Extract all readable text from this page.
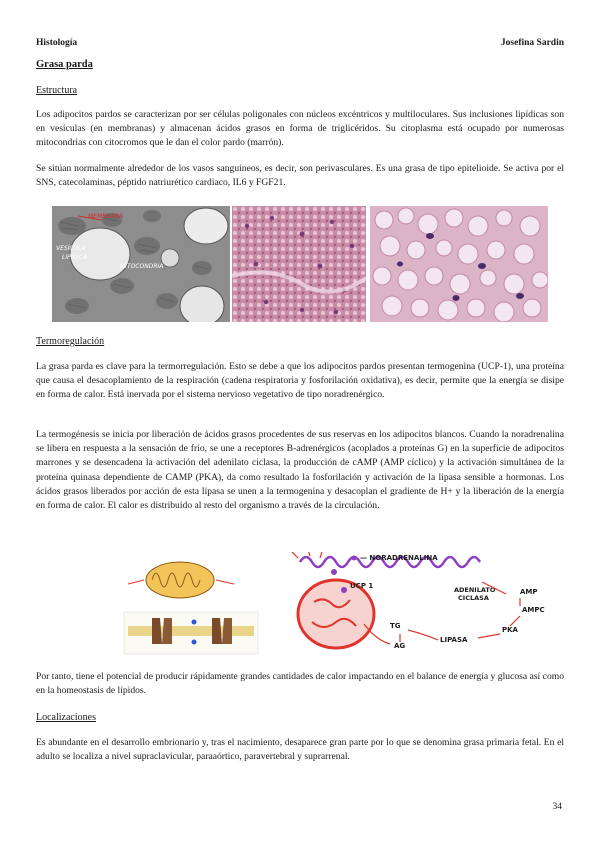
Histología	Josefina Sardin
Grasa parda
Estructura

Los adipocitos pardos se caracterizan por ser células poligonales con núcleos excéntricos y multiloculares. Sus inclusiones lipídicas son en vesículas (en membranas) y almacenan ácidos grasos en forma de triglicéridos. Su citoplasma está ocupado por numerosas mitocondrias con citocromos que le dan el color pardo (marrón).

Se sitúan normalmente alrededor de los vasos sanguíneos, es decir, son perivasculares. Es una grasa de tipo epitelioide. Se activa por el SNS, catecolaminas, péptido natriurético cardiaco, IL6 y FGF21.

MEMBRANA
VESÍCULA
LIPÍDICA
MITOCONDRIA
Termoregulación

La grasa parda es clave para la termorregulación. Esto se debe a que los adipocitos pardos presentan termogenina (UCP-1), una proteína que causa el desacoplamiento de la respiración (cadena respiratoria y fosforilación oxidativa), es decir, permite que la energía se disipe en forma de calor. Está inervada por el sistema nervioso vegetativo de tipo noradrenérgico.

La termogénesis se inicia por liberación de ácidos grasos procedentes de sus reservas en los adipocitos blancos. Cuando la noradrenalina se libera en respuesta a la sensación de frío, se une a receptores B-adrenérgicos (acoplados a proteínas G) en la superficie de adipocitos marrones y se desencadena la activación del adenilato ciclasa, la producción de cAMP (AMP cíclico) y la activación simultánea de la proteína quinasa dependiente de CAMP (PKA), da como resultado la fosforilación y activación de la lipasa sensible a hormonas. Los ácidos grasos liberados por acción de esta lipasa se unen a la termogenina y desacoplan el gradiente de H+ y la liberación de la energía en forma de calor. El calor es distribuido al resto del organismo a través de la circulación.

— NORADRENALINA
UCP 1	ADENILATO
CICLASA
AMP
AMPC
PKA
LIPASA
TG
AG

Por tanto, tiene el potencial de producir rápidamente grandes cantidades de calor impactando en el balance de energía y glucosa así como en la homeostasis de lípidos.

Localizaciones

Es abundante en el desarrollo embrionario y, tras el nacimiento, desaparece gran parte por lo que se denomina grasa primaria fetal. En el adulto se localiza a nivel supraclavicular, paraaórtico, paravertebral y suprarrenal.

34
